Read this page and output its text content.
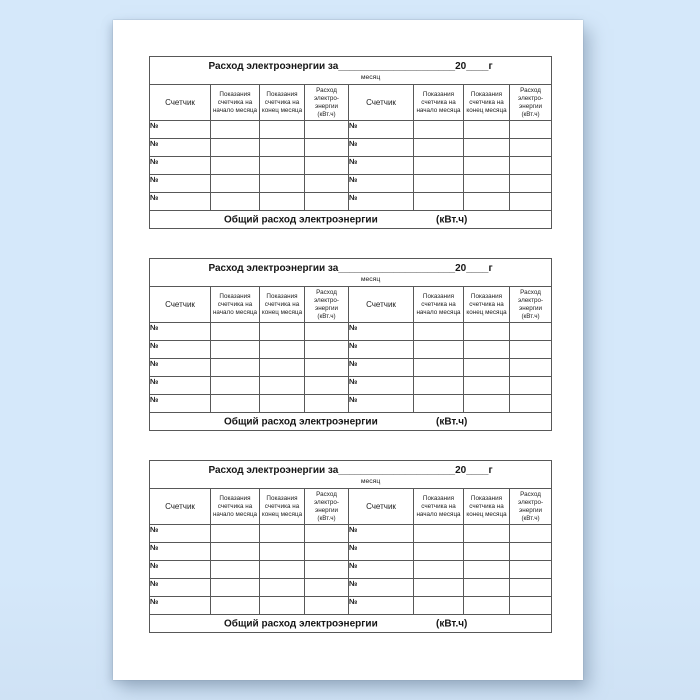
Расход электроэнергии за_____________________20____г
месяц							

Счетчик	Показания счетчика на начало месяца	Показания счетчика на конец месяца	Расход электро-энергии (кВт.ч)	Счетчик	Показания счетчика на начало месяца	Показания счетчика на конец месяца	Расход электро-энергии (кВт.ч)
№				№			
№				№			
№				№			
№				№			
№				№			

Общий расход электроэнергии (кВт.ч)							
Расход электроэнергии за_____________________20____г
месяц							

Счетчик	Показания счетчика на начало месяца	Показания счетчика на конец месяца	Расход электро-энергии (кВт.ч)	Счетчик	Показания счетчика на начало месяца	Показания счетчика на конец месяца	Расход электро-энергии (кВт.ч)
№				№			
№				№			
№				№			
№				№			
№				№			

Общий расход электроэнергии (кВт.ч)							
Расход электроэнергии за_____________________20____г
месяц							

Счетчик	Показания счетчика на начало месяца	Показания счетчика на конец месяца	Расход электро-энергии (кВт.ч)	Счетчик	Показания счетчика на начало месяца	Показания счетчика на конец месяца	Расход электро-энергии (кВт.ч)
№				№			
№				№			
№				№			
№				№			
№				№			

Общий расход электроэнергии (кВт.ч)							
